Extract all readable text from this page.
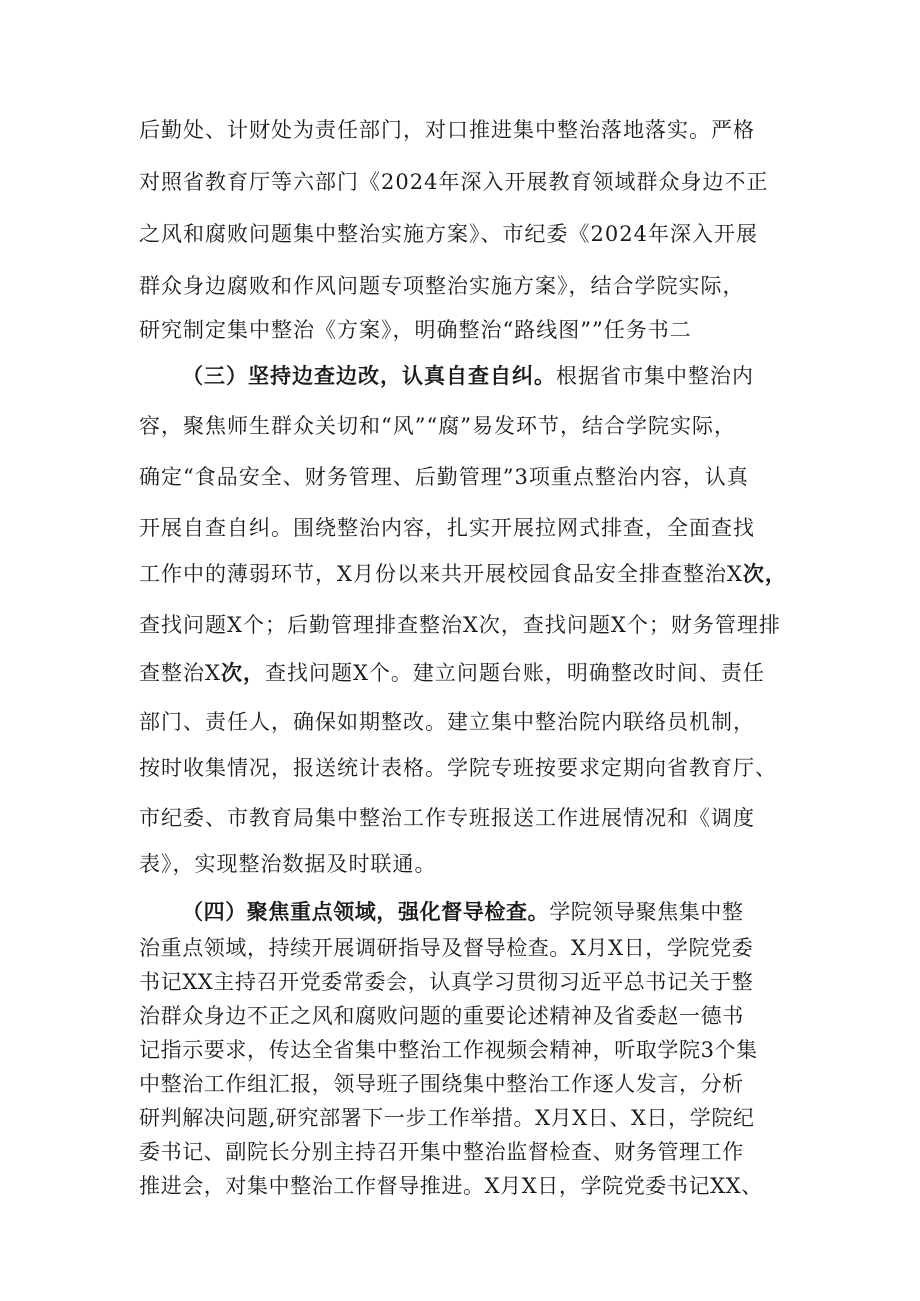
后勤处、计财处为责任部门，对口推进集中整治落地落实。严格
对照省教育厅等六部门《2024年深入开展教育领域群众身边不正
之风和腐败问题集中整治实施方案》、市纪委《2024年深入开展
群众身边腐败和作风问题专项整治实施方案》，结合学院实际，
研究制定集中整治《方案》，明确整治“路线图””任务书二
（三）坚持边查边改，认真自查自纠。根据省市集中整治内
容，聚焦师生群众关切和“风”“腐”易发环节，结合学院实际，
确定“食品安全、财务管理、后勤管理”3项重点整治内容，认真
开展自查自纠。围绕整治内容，扎实开展拉网式排查，全面查找
工作中的薄弱环节，X月份以来共开展校园食品安全排查整治X次，
查找问题X个；后勤管理排查整治X次，查找问题X个；财务管理排
查整治X次，查找问题X个。建立问题台账，明确整改时间、责任
部门、责任人，确保如期整改。建立集中整治院内联络员机制，
按时收集情况，报送统计表格。学院专班按要求定期向省教育厅、
市纪委、市教育局集中整治工作专班报送工作进展情况和《调度
表》，实现整治数据及时联通。
（四）聚焦重点领域，强化督导检查。学院领导聚焦集中整
治重点领域，持续开展调研指导及督导检查。X月X日，学院党委
书记XX主持召开党委常委会，认真学习贯彻习近平总书记关于整
治群众身边不正之风和腐败问题的重要论述精神及省委赵一德书
记指示要求，传达全省集中整治工作视频会精神，听取学院3个集
中整治工作组汇报，领导班子围绕集中整治工作逐人发言，分析
研判解决问题,研究部署下一步工作举措。X月X日、X日，学院纪
委书记、副院长分别主持召开集中整治监督检查、财务管理工作
推进会，对集中整治工作督导推进。X月X日，学院党委书记XX、
